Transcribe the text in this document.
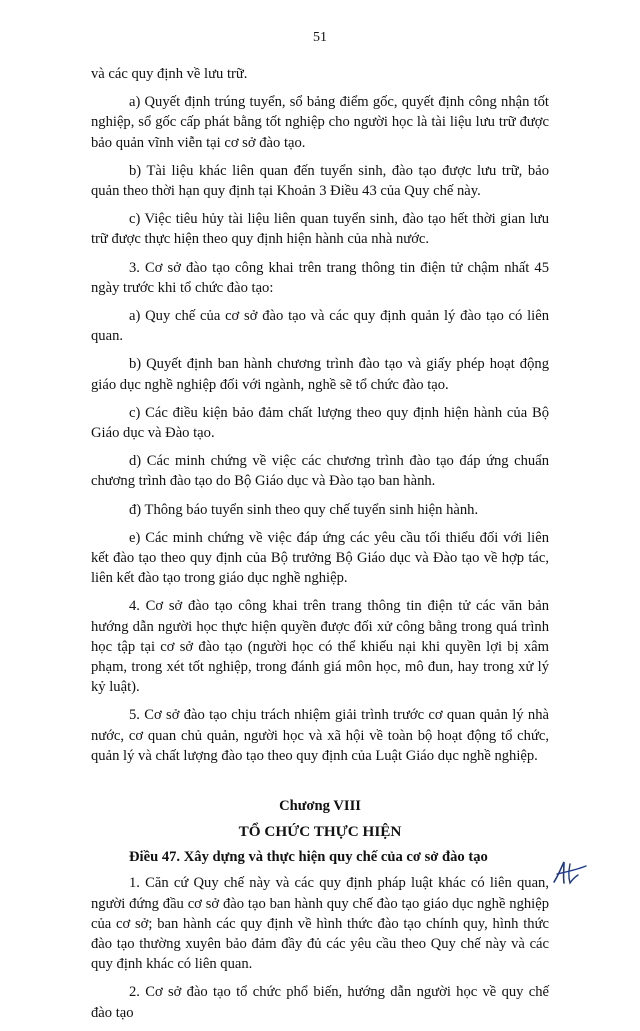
51

và các quy định về lưu trữ.

a) Quyết định trúng tuyển, sổ bảng điểm gốc, quyết định công nhận tốt nghiệp, sổ gốc cấp phát bằng tốt nghiệp cho người học là tài liệu lưu trữ được bảo quản vĩnh viễn tại cơ sở đào tạo.

b) Tài liệu khác liên quan đến tuyển sinh, đào tạo được lưu trữ, bảo quản theo thời hạn quy định tại Khoản 3 Điều 43 của Quy chế này.

c) Việc tiêu hủy tài liệu liên quan tuyển sinh, đào tạo hết thời gian lưu trữ được thực hiện theo quy định hiện hành của nhà nước.

3. Cơ sở đào tạo công khai trên trang thông tin điện tử chậm nhất 45 ngày trước khi tổ chức đào tạo:

a) Quy chế của cơ sở đào tạo và các quy định quản lý đào tạo có liên quan.

b) Quyết định ban hành chương trình đào tạo và giấy phép hoạt động giáo dục nghề nghiệp đối với ngành, nghề sẽ tổ chức đào tạo.

c) Các điều kiện bảo đảm chất lượng theo quy định hiện hành của Bộ Giáo dục và Đào tạo.

d) Các minh chứng về việc các chương trình đào tạo đáp ứng chuẩn chương trình đào tạo do Bộ Giáo dục và Đào tạo ban hành.

đ) Thông báo tuyển sinh theo quy chế tuyển sinh hiện hành.

e) Các minh chứng về việc đáp ứng các yêu cầu tối thiểu đối với liên kết đào tạo theo quy định của Bộ trưởng Bộ Giáo dục và Đào tạo về hợp tác, liên kết đào tạo trong giáo dục nghề nghiệp.

4. Cơ sở đào tạo công khai trên trang thông tin điện tử các văn bản hướng dẫn người học thực hiện quyền được đối xử công bằng trong quá trình học tập tại cơ sở đào tạo (người học có thể khiếu nại khi quyền lợi bị xâm phạm, trong xét tốt nghiệp, trong đánh giá môn học, mô đun, hay trong xử lý kỷ luật).

5. Cơ sở đào tạo chịu trách nhiệm giải trình trước cơ quan quản lý nhà nước, cơ quan chủ quản, người học và xã hội về toàn bộ hoạt động tổ chức, quản lý và chất lượng đào tạo theo quy định của Luật Giáo dục nghề nghiệp.

Chương VIII
TỔ CHỨC THỰC HIỆN
Điều 47. Xây dựng và thực hiện quy chế của cơ sở đào tạo

1. Căn cứ Quy chế này và các quy định pháp luật khác có liên quan, người đứng đầu cơ sở đào tạo ban hành quy chế đào tạo giáo dục nghề nghiệp của cơ sở; ban hành các quy định về hình thức đào tạo chính quy, hình thức đào tạo thường xuyên bảo đảm đầy đủ các yêu cầu theo Quy chế này và các quy định khác có liên quan.

2. Cơ sở đào tạo tổ chức phổ biến, hướng dẫn người học về quy chế đào tạo
